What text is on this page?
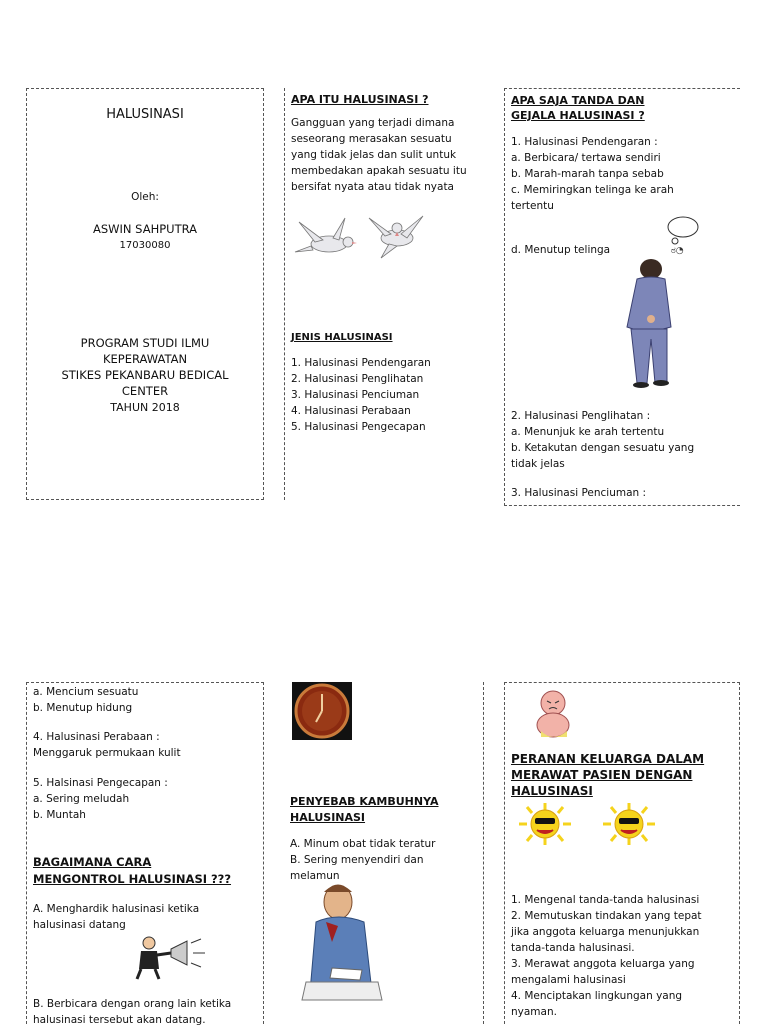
HALUSINASI
Oleh:
ASWIN SAHPUTRA
17030080
PROGRAM STUDI ILMU
KEPERAWATAN
STIKES PEKANBARU BEDICAL
CENTER
TAHUN 2018
APA ITU HALUSINASI ?
Gangguan yang terjadi dimana
seseorang merasakan sesuatu
yang tidak jelas dan sulit untuk
membedakan apakah sesuatu itu
bersifat nyata atau tidak nyata
JENIS HALUSINASI
1. Halusinasi Pendengaran
2. Halusinasi Penglihatan
3. Halusinasi Penciuman
4. Halusinasi Perabaan
5. Halusinasi Pengecapan
APA SAJA TANDA DAN
GEJALA HALUSINASI ?
1. Halusinasi Pendengaran :
a. Berbicara/ tertawa sendiri
b. Marah-marah tanpa sebab
c. Memiringkan telinga ke arah
tertentu
d. Menutup telinga	ಠ◔
2. Halusinasi Penglihatan :
a. Menunjuk ke arah tertentu
b. Ketakutan dengan sesuatu yang
tidak jelas
3. Halusinasi Penciuman :
a. Mencium sesuatu
b. Menutup hidung
4. Halusinasi Perabaan :
Menggaruk permukaan kulit
5. Halsinasi Pengecapan :
a. Sering meludah
b. Muntah
BAGAIMANA CARA
MENGONTROL HALUSINASI ???
A. Menghardik halusinasi ketika
halusinasi datang
B. Berbicara dengan orang lain ketika
halusinasi tersebut akan datang.
PENYEBAB KAMBUHNYA
HALUSINASI
A. Minum obat tidak teratur
B. Sering menyendiri dan
melamun
PERANAN KELUARGA DALAM
MERAWAT PASIEN DENGAN
HALUSINASI
1. Mengenal tanda-tanda halusinasi
2. Memutuskan tindakan yang tepat
jika anggota keluarga menunjukkan
tanda-tanda halusinasi.
3. Merawat anggota keluarga yang
mengalami halusinasi
4. Menciptakan lingkungan yang
nyaman.
